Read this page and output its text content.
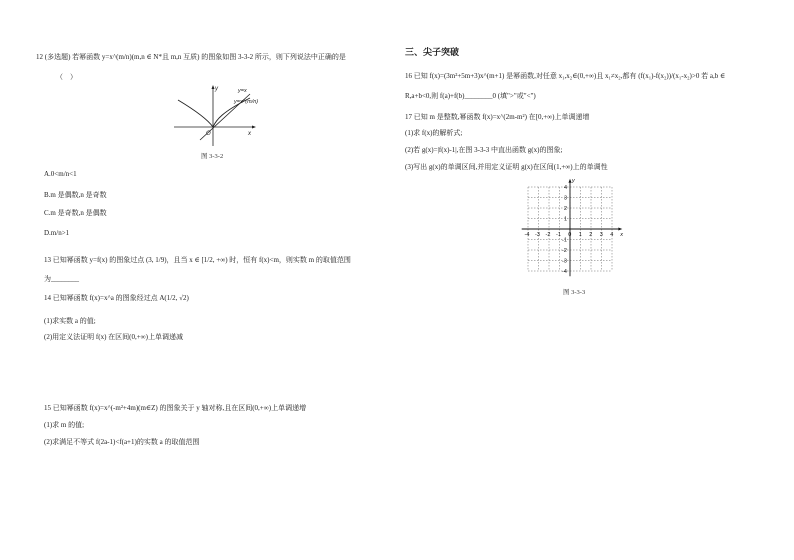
12 (多选题) 若幂函数 y=x^(m/n)(m,n ∈ N*且 m,n 互质) 的图象如图 3-3-2 所示，则下列说法中正确的是
（　）
y
x
O
y=x
y=x^(m/n)
图 3-3-2
A.0<m/n<1
B.m 是偶数,n 是奇数
C.m 是奇数,n 是偶数
D.m/n>1
13 已知幂函数 y=f(x) 的图象过点 (3, 1/9)，且当 x ∈ [1/2, +∞) 时，恒有 f(x)<m，则实数 m 的取值范围
为________
14 已知幂函数 f(x)=x^a 的图象经过点 A(1/2, √2)
(1)求实数 a 的值;
(2)用定义法证明 f(x) 在区间(0,+∞)上单调递减
15 已知幂函数 f(x)=x^(-m²+4m)(m∈Z) 的图象关于 y 轴对称,且在区间(0,+∞)上单调递增
(1)求 m 的值;
(2)求满足不等式 f(2a-1)<f(a+1)的实数 a 的取值范围
三、尖子突破
16 已知 f(x)=(3m²+5m+3)x^(m+1) 是幂函数,对任意 x₁,x₂∈(0,+∞)且 x₁≠x₂,都有 (f(x₁)-f(x₂))/(x₁-x₂)>0 若 a,b ∈
R,a+b<0,则 f(a)+f(b)________0 (填">"或"<")
17 已知 m 是整数,幂函数 f(x)=x^(2m-m²) 在[0,+∞)上单调递增
(1)求 f(x)的解析式;
(2)若 g(x)=|f(x)-1|,在图 3-3-3 中直出函数 g(x)的图象;
(3)写出 g(x)的单调区间,并用定义证明 g(x)在区间(1,+∞)上的单调性
-4 -3 -2 -1 0 1 2 3 4
4
3
2
1
-1
-2
-3
-4
x
y
图 3-3-3
